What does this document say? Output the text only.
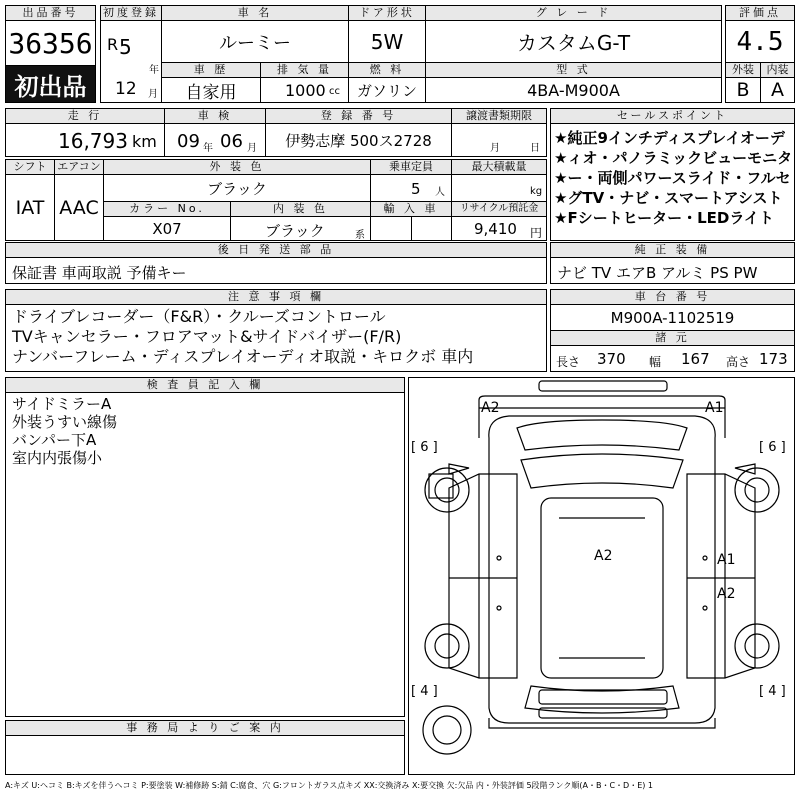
出品番号
36356
初出品
初度登録
R 5
年
12 月
車 名
ルーミー
ドア形状
5W
グ レ ー ド
カスタムG-T
評価点
4.5
外装	内装
B	A
車 歴
自家用
排 気 量
1000 cc
燃 料
ガソリン
型 式
4BA-M900A
走 行
16,793 km
車 検
09 年 06 月
登 録 番 号
伊勢志摩 500ス2728
譲渡書類期限
月	日
セールスポイント
★純正9インチディスプレイオーデ
★ィオ・パノラミックビューモニタ
★ー・両側パワースライド・フルセ
★グTV・ナビ・スマートアシスト
★Fシートヒーター・LEDライト
シフト
IAT
エアコン
AAC
外 装 色
ブラック
乗車定員
5 人
最大積載量
kg
カラー No.
X07
内 装 色
ブラック	系
輸 入 車	リサイクル預託金
9,410 円
後 日 発 送 部 品
保証書 車両取説 予備キー
純 正 装 備
ナビ TV エアB アルミ PS PW
注 意 事 項 欄
ドライブレコーダー（F&R）・クルーズコントロール
TVキャンセラー・フロアマット&サイドバイザー(F/R)
ナンバーフレーム・ディスプレイオーディオ取説・キロクボ 車内
車 台 番 号
M900A-1102519
諸 元
長さ 370 幅 167 高さ 173
検 査 員 記 入 欄
サイドミラーA
外装うすい線傷
バンパー下A
室内内張傷小
A2	A1
A2	A1
A2
[ 6 ]	[ 6 ]
[ 4 ]	[ 4 ]
事 務 局 よ り ご 案 内
A:キズ U:ヘコミ B:キズを伴うヘコミ P:要塗装 W:補修跡 S:錆 C:腐食、穴 G:フロントガラス点キズ XX:交換済み X:要交換 欠:欠品 内・外装評価 5段階ランク順(A・B・C・D・E) 1
